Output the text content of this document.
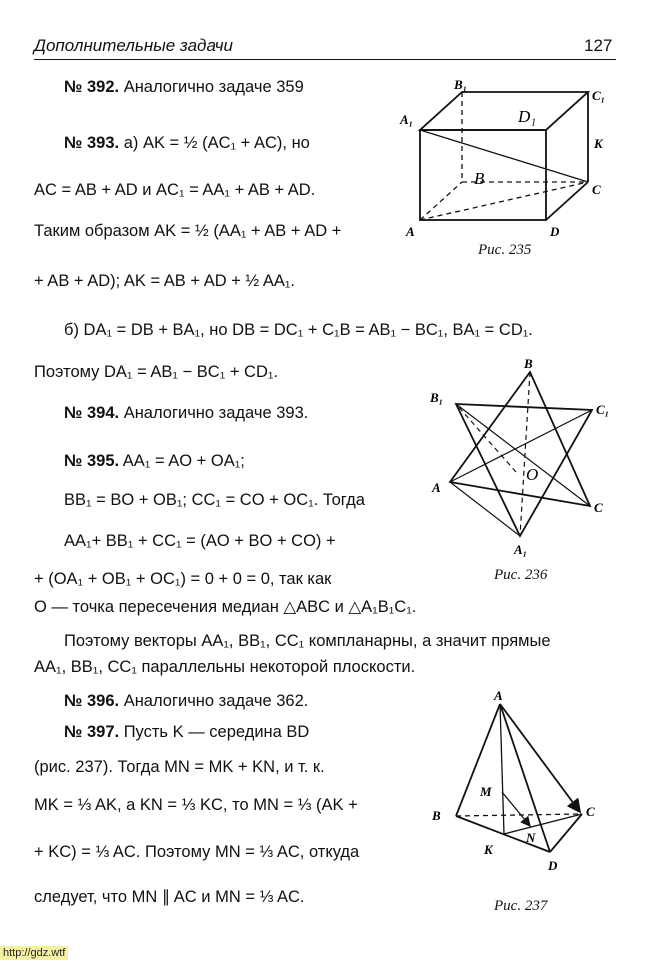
Дополнительные задачи	127
№ 392. Аналогично задаче 359
№ 393. а) AK = ½ (AC₁ + AC), но
AC = AB + AD и AC₁ = AA₁ + AB + AD.
Таким образом AK = ½ (AA₁ + AB + AD +
+ AB + AD); AK = AB + AD + ½ AA₁.
б) DA₁ = DB + BA₁, но DB = DC₁ + C₁B = AB₁ − BC₁, BA₁ = CD₁.
Поэтому DA₁ = AB₁ − BC₁ + CD₁.
№ 394. Аналогично задаче 393.
№ 395. AA₁ = AO + OA₁;
BB₁ = BO + OB₁; CC₁ = CO + OC₁. Тогда
AA₁+ BB₁ + CC₁ = (AO + BO + CO) +
+ (OA₁ + OB₁ + OC₁) = 0 + 0 = 0, так как
O — точка пересечения медиан △ABC и △A₁B₁C₁.
Поэтому векторы AA₁, BB₁, CC₁ компланарны, а значит прямые
AA₁, BB₁, CC₁ параллельны некоторой плоскости.
№ 396. Аналогично задаче 362.
№ 397. Пусть K — середина BD
(рис. 237). Тогда MN = MK + KN, и т. к.
MK = ⅓ AK, а KN = ⅓ KC, то MN = ⅓ (AK +
+ KC) = ⅓ AC. Поэтому MN = ⅓ AC, откуда
следует, что MN ∥ AC и MN = ⅓ AC.
B₁
C₁
A₁	D₁
K
B
C
A	D
Рис. 235
B
B₁
C₁
O
A
C
A₁
Рис. 236
A
M
B	C
N
K
D
Рис. 237
http://gdz.wtf
